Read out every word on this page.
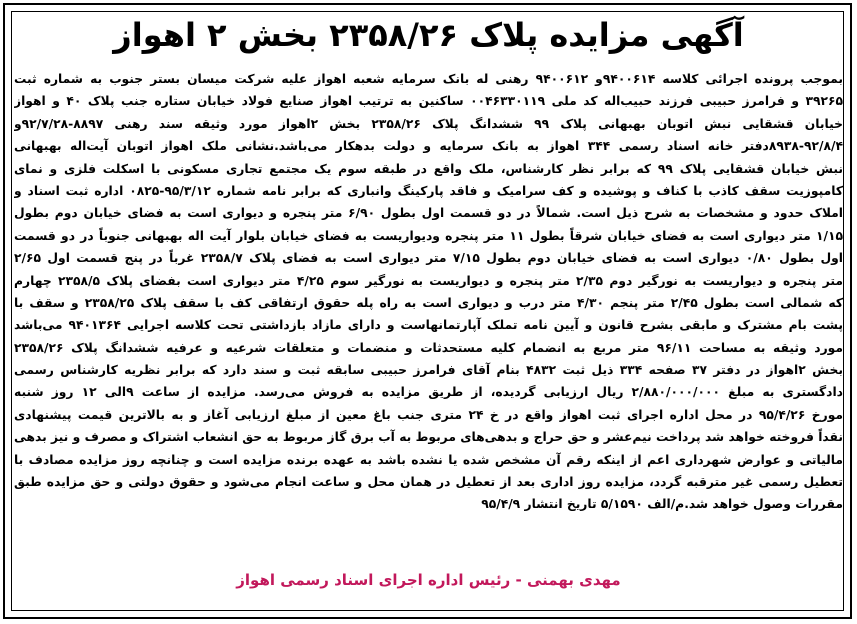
آگهی مزایده پلاک ۲۳۵۸/۲۶ بخش ۲ اهواز
بموجب پرونده اجرائی کلاسه ۹۴۰۰۶۱۴و ۹۴۰۰۶۱۲ رهنی له بانک سرمایه شعبه اهواز علیه شرکت میسان بستر جنوب به شماره ثبت
۳۹۲۶۵ و فرامرز حبیبی فرزند حبیب‌اله کد ملی ۰۰۴۶۳۳۰۱۱۹ ساکنین به ترتیب اهواز صنایع فولاد خیابان ستاره جنب پلاک ۴۰ و اهواز
خیابان قشقایی نبش اتوبان بهبهانی پلاک ۹۹ ششدانگ پلاک ۲۳۵۸/۲۶ بخش ۲اهواز مورد وثیقه سند رهنی ۸۸۹۷-۹۲/۷/۲۸و
۸۹۳۸-۹۲/۸/۴دفتر خانه اسناد رسمی ۳۴۴ اهواز به بانک سرمایه و دولت بدهکار می‌باشد.نشانی ملک اهواز اتوبان آیت‌اله بهبهانی
نبش خیابان قشقایی پلاک ۹۹ که برابر نظر کارشناس، ملک واقع در طبقه سوم یک مجتمع تجاری مسکونی با اسکلت فلزی و نمای
کامپوزیت سقف کاذب با کناف و پوشیده و کف سرامیک و فاقد پارکینگ وانباری که برابر نامه شماره ۹۵/۳/۱۲-۰۸۲۵ اداره ثبت اسناد و
املاک حدود و مشخصات به شرح ذیل است. شمالاً در دو قسمت اول بطول ۶/۹۰ متر پنجره و دیواری است به فضای خیابان دوم بطول
۱/۱۵ متر دیواری است به فضای خیابان شرقاً بطول ۱۱ متر پنجره ودیواریست به فضای خیابان بلوار آیت اله بهبهانی جنوباً در دو قسمت
اول بطول ۰/۸۰ دیواری است به فضای خیابان دوم بطول ۷/۱۵ متر دیواری است به فضای پلاک ۲۳۵۸/۷ غرباً در پنج قسمت اول ۲/۶۵
متر پنجره و دیواریست به نورگیر دوم ۲/۳۵ متر پنجره و دیواریست به نورگیر سوم ۴/۲۵ متر دیواری است بفضای پلاک ۲۳۵۸/۵ چهارم
که شمالی است بطول ۲/۴۵ متر پنجم ۴/۳۰ متر درب و دیواری است به راه پله حقوق ارتفاقی کف با سقف پلاک ۲۳۵۸/۲۵ و سقف با
پشت بام مشترک و مابقی بشرح قانون و آیین نامه تملک آپارتمانهاست و دارای مازاد بازداشتی تحت کلاسه اجرایی ۹۴۰۱۳۶۴ می‌باشد
مورد وثیقه به مساحت ۹۶/۱۱ متر مربع به انضمام کلیه مستحدثات و منضمات و متعلقات شرعیه و عرفیه ششدانگ پلاک ۲۳۵۸/۲۶
بخش ۲اهواز در دفتر ۳۷ صفحه ۳۳۴ ذیل ثبت ۴۸۳۲ بنام آقای فرامرز حبیبی سابقه ثبت و سند دارد که برابر نظریه کارشناس رسمی
دادگستری به مبلغ ۲/۸۸۰/۰۰۰/۰۰۰ ریال ارزیابی گردیده، از طریق مزایده به فروش می‌رسد. مزایده از ساعت ۹الی ۱۲ روز شنبه
مورخ ۹۵/۴/۲۶ در محل اداره اجرای ثبت اهواز واقع در خ ۲۴ متری جنب باغ معین از مبلغ ارزیابی آغاز و به بالاترین قیمت پیشنهادی
نقداً فروخته خواهد شد پرداخت نیم‌عشر و حق حراج و بدهی‌های مربوط به آب برق گاز مربوط به حق انشعاب اشتراک و مصرف و نیز بدهی
مالیاتی و عوارض شهرداری اعم از اینکه رقم آن مشخص شده یا نشده باشد به عهده برنده مزایده است و چنانچه روز مزایده مصادف با
تعطیل رسمی غیر مترقبه گردد، مزایده روز اداری بعد از تعطیل در همان محل و ساعت انجام می‌شود و حقوق دولتی و حق مزایده طبق
مقررات وصول خواهد شد.م/الف ۵/۱۵۹۰ تاریخ انتشار ۹۵/۴/۹
مهدی بهمنی - رئیس اداره اجرای اسناد رسمی اهواز
